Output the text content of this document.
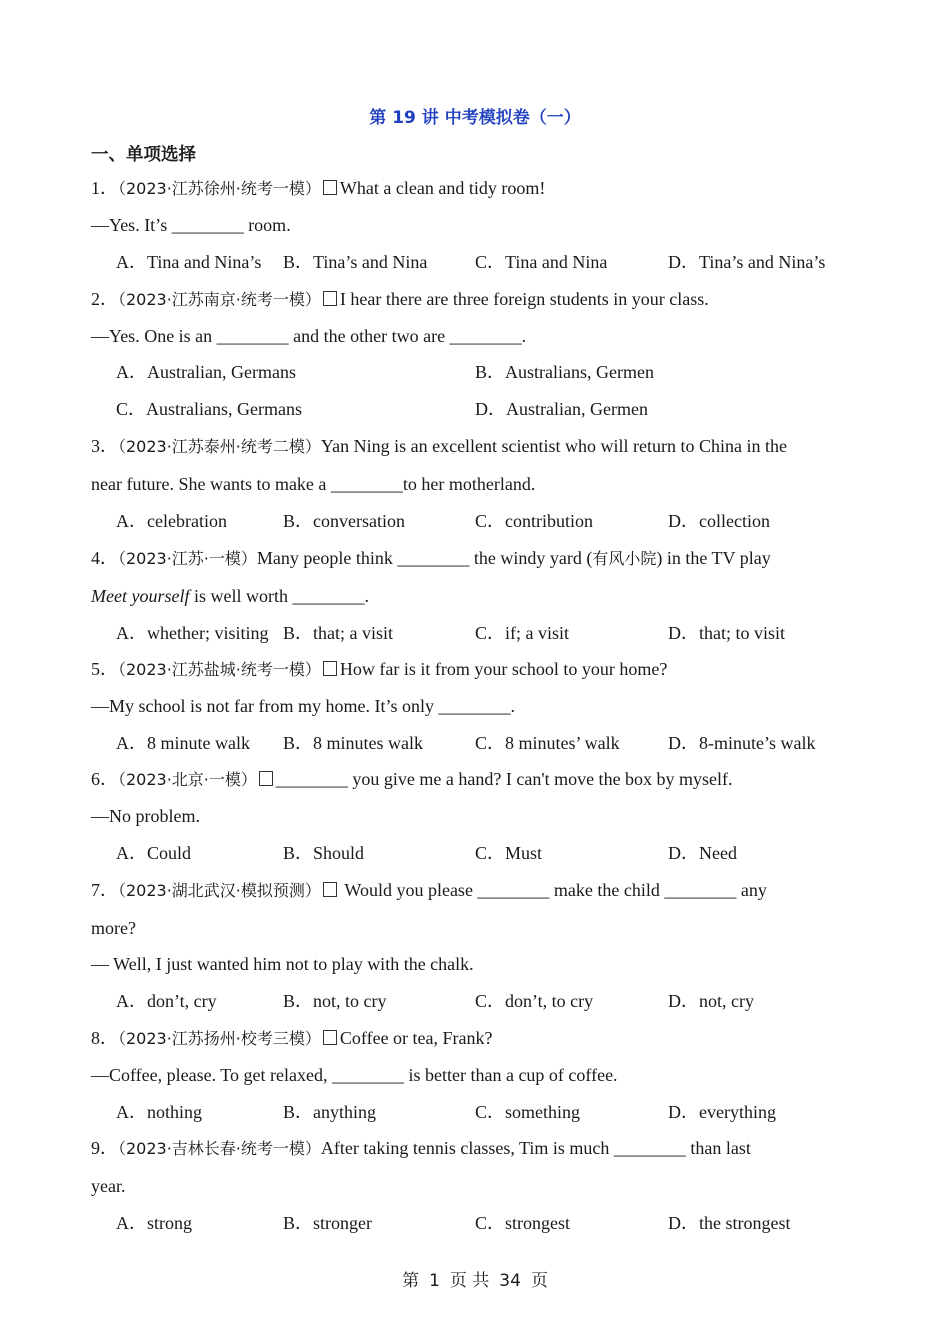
第 19 讲 中考模拟卷（一）
一、单项选择
1．（2023·江苏徐州·统考一模） What a clean and tidy room!
—Yes. It’s ________ room.
A．Tina and Nina’s B．Tina’s and Nina	C．Tina and Nina	D．Tina’s and Nina’s
2．（2023·江苏南京·统考一模） I hear there are three foreign students in your class.
—Yes. One is an ________ and the other two are ________.
A．Australian, Germans	B．Australians, Germen
C．Australians, Germans	D．Australian, Germen
3．（2023·江苏泰州·统考二模）Yan Ning is an excellent scientist who will return to China in the
near future. She wants to make a ________to her motherland.
A．celebration	B．conversation	C．contribution	D．collection
4．（2023·江苏·一模）Many people think ________ the windy yard (有风小院) in the TV play
Meet yourself is well worth ________.
A．whether; visiting B．that; a visit	C．if; a visit	D．that; to visit
5．（2023·江苏盐城·统考一模） How far is it from your school to your home?
—My school is not far from my home. It’s only ________.
A．8 minute walk B．8 minutes walk	C．8 minutes’ walk	D．8-minute’s walk
6．（2023·北京·一模） ________ you give me a hand? I can't move the box by myself.
—No problem.
A．Could	B．Should	C．Must	D．Need
7．（2023·湖北武汉·模拟预测） Would you please ________ make the child ________ any
more?
— Well, I just wanted him not to play with the chalk.
A．don’t, cry	B．not, to cry	C．don’t, to cry	D．not, cry
8．（2023·江苏扬州·校考三模） Coffee or tea, Frank?
—Coffee, please. To get relaxed, ________ is better than a cup of coffee.
A．nothing	B．anything	C．something	D．everything
9．（2023·吉林长春·统考一模）After taking tennis classes, Tim is much ________ than last
year.
A．strong	B．stronger	C．strongest	D．the strongest
第 1 页 共 34 页
